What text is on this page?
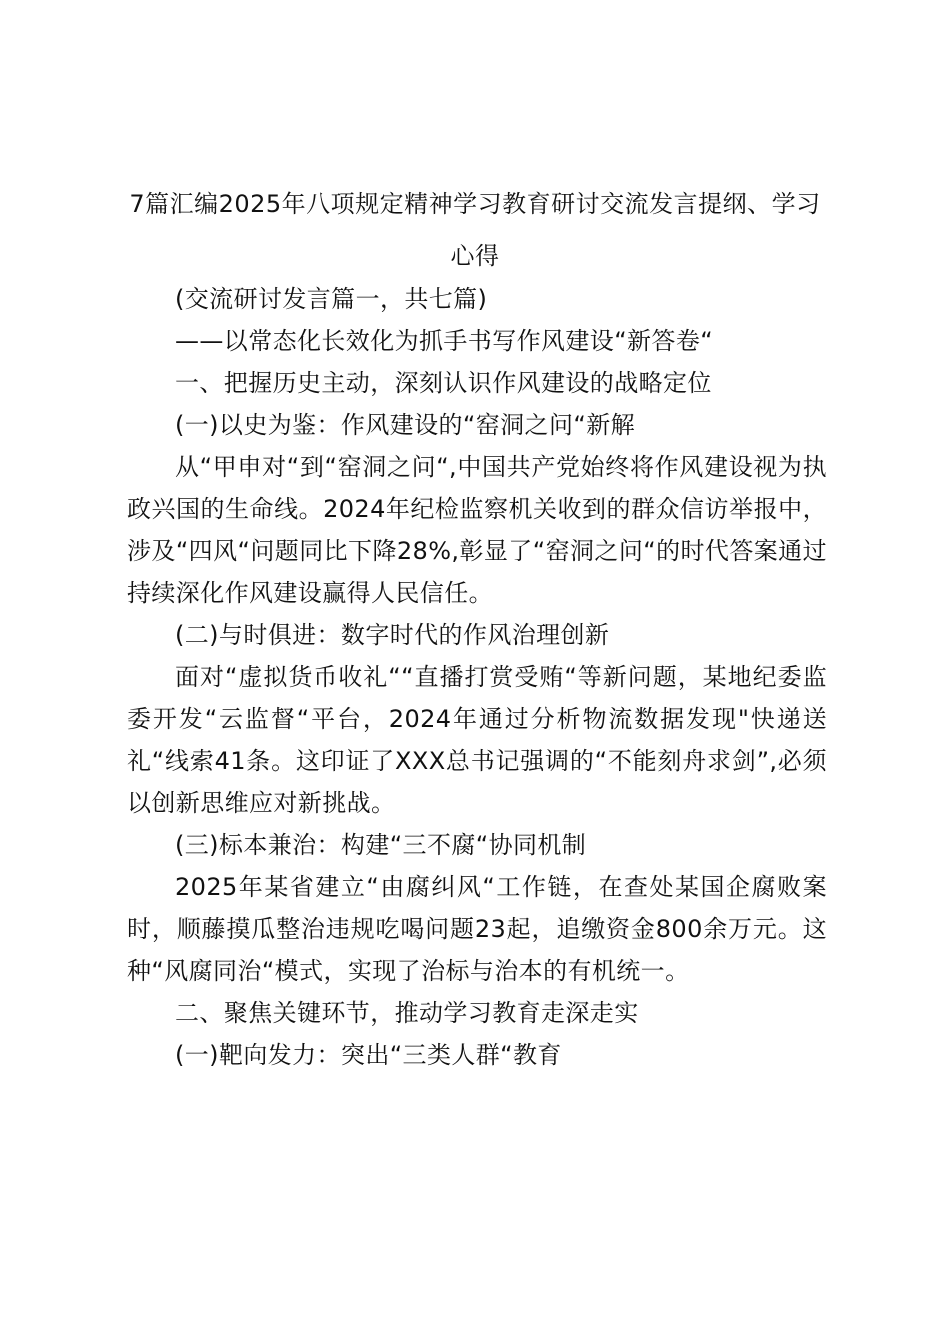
7篇汇编2025年八项规定精神学习教育研讨交流发言提纲、学习心得

(交流研讨发言篇一，共七篇)

——以常态化长效化为抓手书写作风建设“新答卷“

一、把握历史主动，深刻认识作风建设的战略定位

(一)以史为鉴：作风建设的“窑洞之问“新解

从“甲申对“到“窑洞之问“,中国共产党始终将作风建设视为执政兴国的生命线。2024年纪检监察机关收到的群众信访举报中，涉及“四风“问题同比下降28%,彰显了“窑洞之问“的时代答案通过持续深化作风建设赢得人民信任。

(二)与时俱进：数字时代的作风治理创新

面对“虚拟货币收礼““直播打赏受贿“等新问题，某地纪委监委开发“云监督“平台，2024年通过分析物流数据发现"快递送礼“线索41条。这印证了XXX总书记强调的“不能刻舟求剑”,必须以创新思维应对新挑战。

(三)标本兼治：构建“三不腐“协同机制

2025年某省建立“由腐纠风“工作链，在查处某国企腐败案时，顺藤摸瓜整治违规吃喝问题23起，追缴资金800余万元。这种“风腐同治“模式，实现了治标与治本的有机统一。

二、聚焦关键环节，推动学习教育走深走实

(一)靶向发力：突出“三类人群“教育
